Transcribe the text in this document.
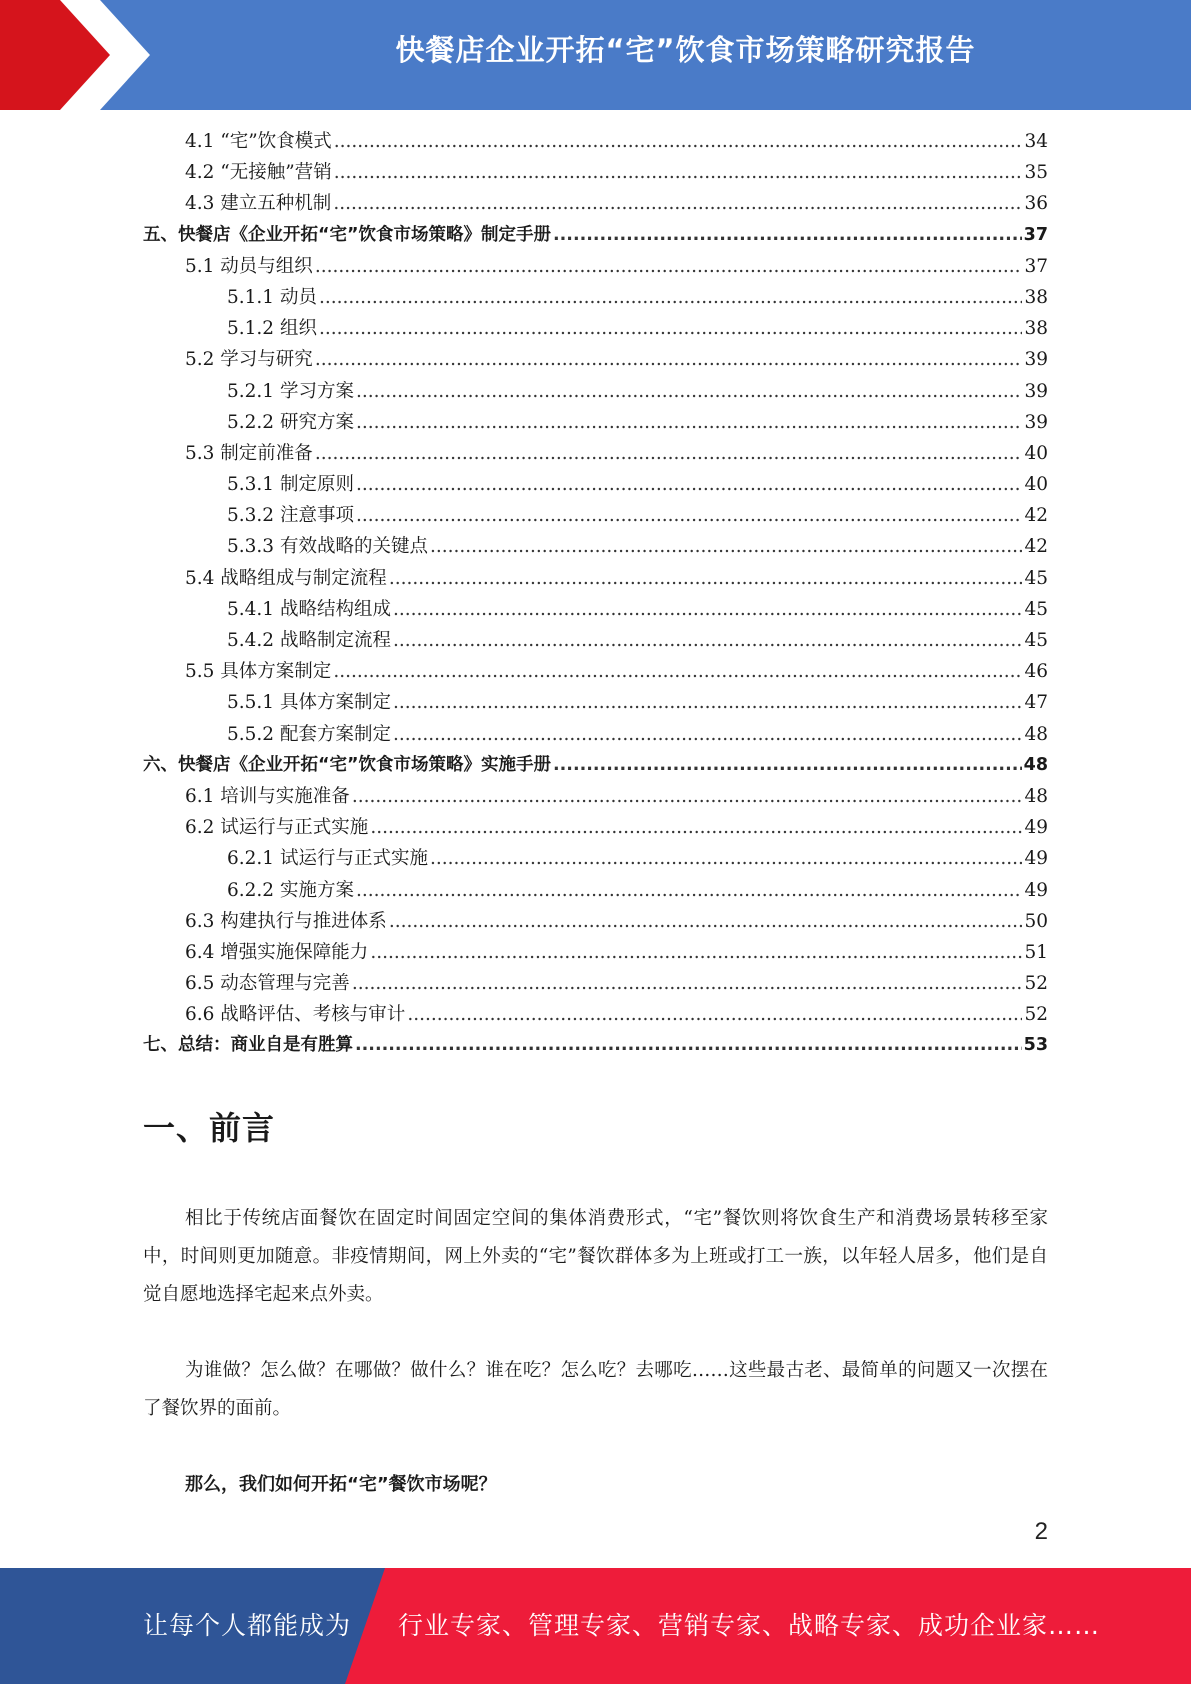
快餐店企业开拓“宅”饮食市场策略研究报告
4.1 “宅”饮食模式 .....	34
4.2 “无接触”营销 .....	35
4.3 建立五种机制 .....	36
五、快餐店《企业开拓“宅”饮食市场策略》制定手册 .....	37
5.1 动员与组织 .....	37
5.1.1 动员 .....	38
5.1.2 组织 .....	38
5.2 学习与研究 .....	39
5.2.1 学习方案 .....	39
5.2.2 研究方案 .....	39
5.3 制定前准备 .....	40
5.3.1 制定原则 .....	40
5.3.2 注意事项 .....	42
5.3.3 有效战略的关键点 .....	42
5.4 战略组成与制定流程 .....	45
5.4.1 战略结构组成 .....	45
5.4.2 战略制定流程 .....	45
5.5 具体方案制定 .....	46
5.5.1 具体方案制定 .....	47
5.5.2 配套方案制定 .....	48
六、快餐店《企业开拓“宅”饮食市场策略》实施手册 .....	48
6.1 培训与实施准备 .....	48
6.2 试运行与正式实施 .....	49
6.2.1 试运行与正式实施 .....	49
6.2.2 实施方案 .....	49
6.3 构建执行与推进体系 .....	50
6.4 增强实施保障能力 .....	51
6.5 动态管理与完善 .....	52
6.6 战略评估、考核与审计 .....	52
七、总结：商业自是有胜算 .....	53
一、前言

相比于传统店面餐饮在固定时间固定空间的集体消费形式，“宅”餐饮则将饮食生产和消费场景转移至家中，时间则更加随意。非疫情期间，网上外卖的“宅”餐饮群体多为上班或打工一族，以年轻人居多，他们是自觉自愿地选择宅起来点外卖。

为谁做？怎么做？在哪做？做什么？谁在吃？怎么吃？去哪吃……这些最古老、最简单的问题又一次摆在了餐饮界的面前。

那么，我们如何开拓“宅”餐饮市场呢？

2
让每个人都能成为 行业专家、管理专家、营销专家、战略专家、成功企业家……
